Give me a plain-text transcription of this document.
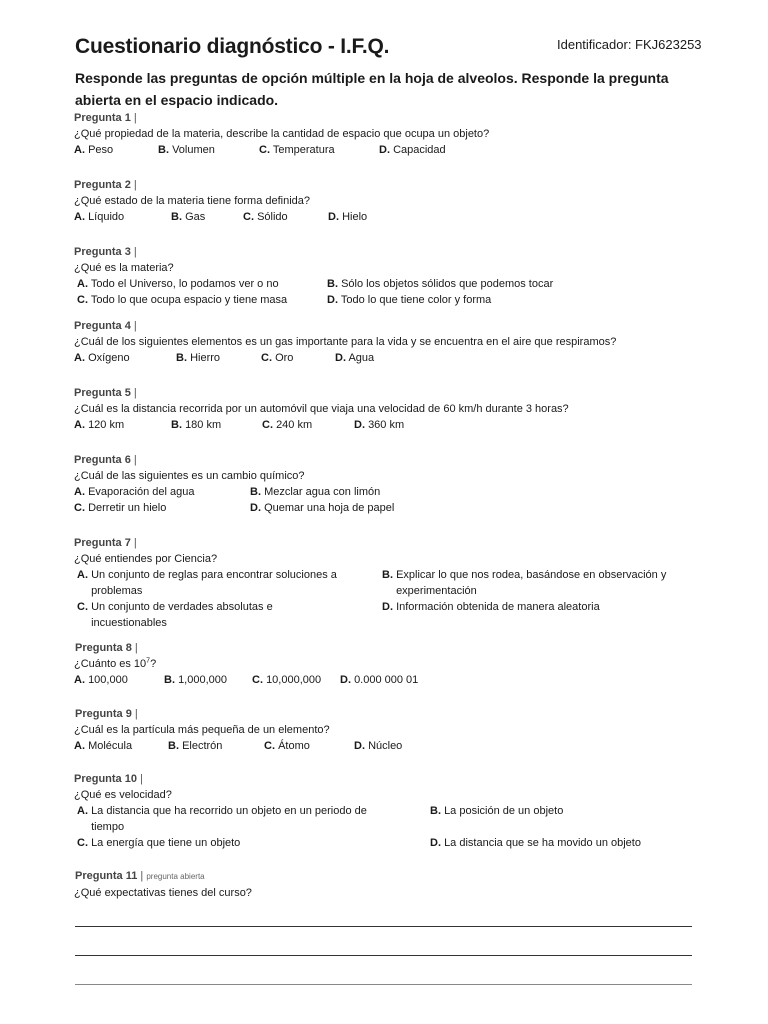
Cuestionario diagnóstico - I.F.Q.	Identificador: FKJ623253
Responde las preguntas de opción múltiple en la hoja de alveolos. Responde la pregunta abierta en el espacio indicado.
Pregunta 1 |
¿Qué propiedad de la materia, describe la cantidad de espacio que ocupa un objeto?
A. Peso	B. Volumen	C. Temperatura	D. Capacidad
Pregunta 2 |
¿Qué estado de la materia tiene forma definida?
A. Líquido	B. Gas	C. Sólido	D. Hielo
Pregunta 3 |
¿Qué es la materia?
A. Todo el Universo, lo podamos ver o no	B. Sólo los objetos sólidos que podemos tocar
C. Todo lo que ocupa espacio y tiene masa	D. Todo lo que tiene color y forma
Pregunta 4 |
¿Cuál de los siguientes elementos es un gas importante para la vida y se encuentra en el aire que respiramos?
A. Oxígeno	B. Hierro	C. Oro	D. Agua
Pregunta 5 |
¿Cuál es la distancia recorrida por un automóvil que viaja una velocidad de 60 km/h durante 3 horas?
A. 120 km	B. 180 km	C. 240 km	D. 360 km
Pregunta 6 |
¿Cuál de las siguientes es un cambio químico?
A. Evaporación del agua	B. Mezclar agua con limón
C. Derretir un hielo	D. Quemar una hoja de papel
Pregunta 7 |
¿Qué entiendes por Ciencia?
A. Un conjunto de reglas para encontrar soluciones a problemas
B. Explicar lo que nos rodea, basándose en observación y experimentación
C. Un conjunto de verdades absolutas e incuestionables
D. Información obtenida de manera aleatoria
Pregunta 8 |
¿Cuánto es $10^7$?
A. 100,000	B. 1,000,000 C. 10,000,000 D. 0.000 000 01
Pregunta 9 |
¿Cuál es la partícula más pequeña de un elemento?
A. Molécula	B. Electrón	C. Átomo	D. Núcleo
Pregunta 10 |
¿Qué es velocidad?
A. La distancia que ha recorrido un objeto en un periodo de tiempo
B. La posición de un objeto
C. La energía que tiene un objeto	D. La distancia que se ha movido un objeto
Pregunta 11 | pregunta abierta
¿Qué expectativas tienes del curso?
